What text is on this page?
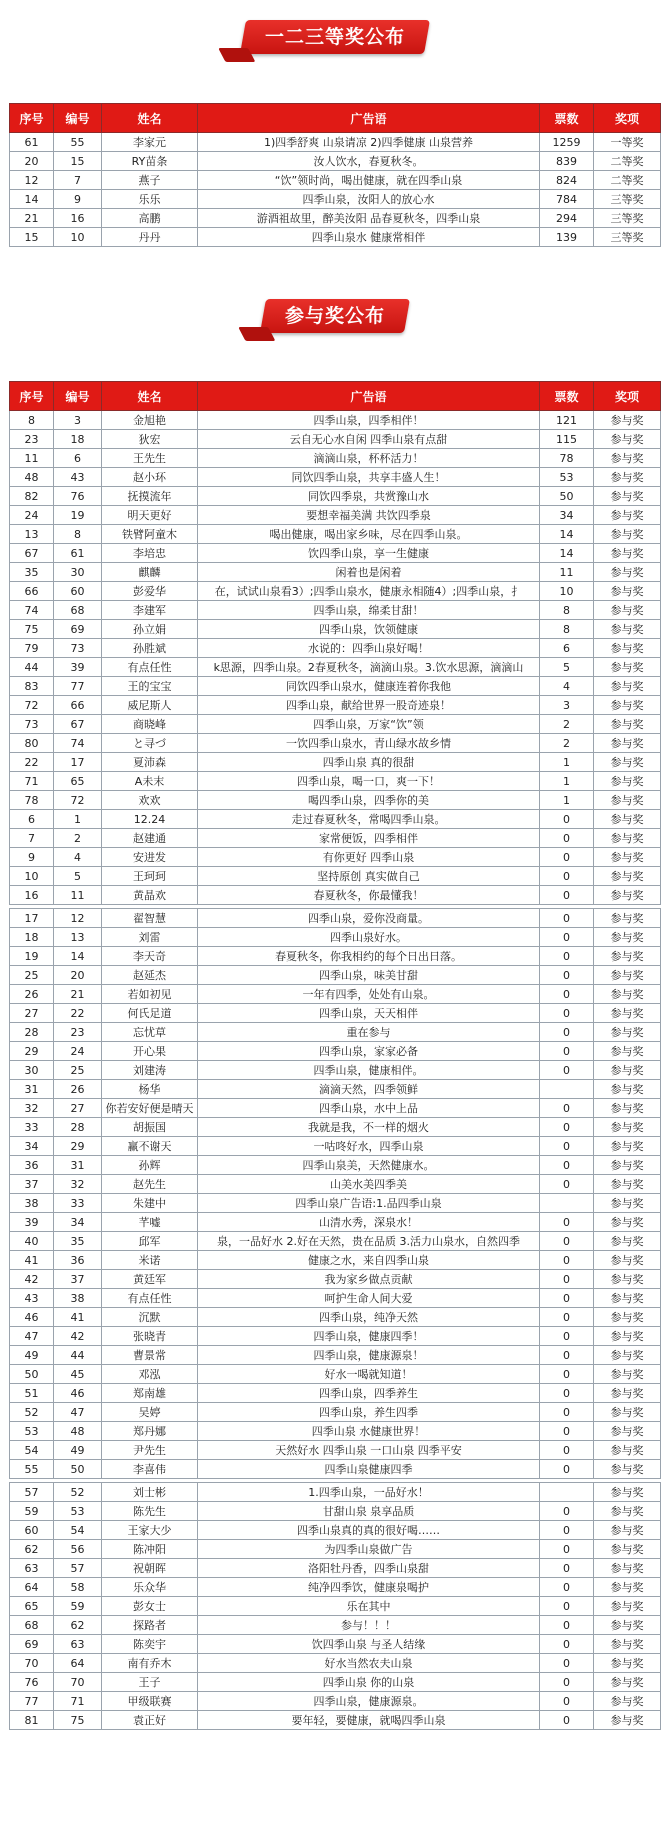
一二三等奖公布
序号	编号	姓名	广告语	票数	奖项
61	55	李家元	1)四季舒爽 山泉请凉 2)四季健康 山泉营养	1259	一等奖
20	15	RY苗条	汝人饮水，春夏秋冬。	839	二等奖
12	7	燕子	“饮”领时尚，喝出健康，就在四季山泉	824	二等奖
14	9	乐乐	四季山泉，汝阳人的放心水	784	三等奖
21	16	高鹏	游酒祖故里，醉美汝阳 品春夏秋冬，四季山泉	294	三等奖
15	10	丹丹	四季山泉水 健康常相伴	139	三等奖
参与奖公布
序号	编号	姓名	广告语	票数	奖项
8	3	金旭艳	四季山泉，四季相伴！	121	参与奖
23	18	狄宏	云自无心水自闲 四季山泉有点甜	115	参与奖
11	6	王先生	滴滴山泉，杯杯活力！	78	参与奖
48	43	赵小环	同饮四季山泉，共享丰盛人生！	53	参与奖
82	76	抚摸流年	同饮四季泉，共赏豫山水	50	参与奖
24	19	明天更好	要想幸福美满 共饮四季泉	34	参与奖
13	8	铁臂阿童木	喝出健康，喝出家乡味，尽在四季山泉。	14	参与奖
67	61	李培忠	饮四季山泉，享一生健康	14	参与奖
35	30	麒麟	闲着也是闲着	11	参与奖
66	60	彭爱华	在，试试山泉看3）;四季山泉水，健康永相随4）;四季山泉，扌	10	参与奖
74	68	李建军	四季山泉，绵柔甘甜！	8	参与奖
75	69	孙立娟	四季山泉，饮领健康	8	参与奖
79	73	孙胜斌	水说的：四季山泉好喝！	6	参与奖
44	39	有点任性	k思源，四季山泉。2春夏秋冬，滴滴山泉。3.饮水思源，滴滴山	5	参与奖
83	77	王的宝宝	同饮四季山泉水，健康连着你我他	4	参与奖
72	66	威尼斯人	四季山泉，献给世界一股奇迹泉！	3	参与奖
73	67	商晓峰	四季山泉，万家“饮”领	2	参与奖
80	74	と寻づ	一饮四季山泉水，青山绿水故乡情	2	参与奖
22	17	夏沛森	四季山泉 真的很甜	1	参与奖
71	65	A未末	四季山泉，喝一口，爽一下！	1	参与奖
78	72	欢欢	喝四季山泉，四季你的美	1	参与奖
6	1	12.24	走过春夏秋冬，常喝四季山泉。	0	参与奖
7	2	赵建通	家常便饭，四季相伴	0	参与奖
9	4	安进发	有你更好 四季山泉	0	参与奖
10	5	王珂珂	坚持原创 真实做自己	0	参与奖
16	11	黄晶欢	春夏秋冬，你最懂我！	0	参与奖

17	12	翟智慧	四季山泉，爱你没商量。	0	参与奖
18	13	刘雷	四季山泉好水。	0	参与奖
19	14	李天奇	春夏秋冬，你我相约的每个日出日落。	0	参与奖
25	20	赵延杰	四季山泉，味美甘甜	0	参与奖
26	21	若如初见	一年有四季，处处有山泉。	0	参与奖
27	22	何氏足道	四季山泉，天天相伴	0	参与奖
28	23	忘忧草	重在参与	0	参与奖
29	24	开心果	四季山泉，家家必备	0	参与奖
30	25	刘建涛	四季山泉，健康相伴。	0	参与奖
31	26	杨华	滴滴天然，四季领鲜		参与奖
32	27	你若安好便是晴天	四季山泉，水中上品	0	参与奖
33	28	胡振国	我就是我，不一样的烟火	0	参与奖
34	29	赢不谢天	一咕咚好水，四季山泉	0	参与奖
36	31	孙辉	四季山泉美，天然健康水。	0	参与奖
37	32	赵先生	山美水美四季美	0	参与奖
38	33	朱建中	四季山泉广告语:1.品四季山泉		参与奖
39	34	芊嘘	山清水秀，深泉水！	0	参与奖
40	35	邱军	泉，一品好水 2.好在天然，贵在品质 3.活力山泉水，自然四季	0	参与奖
41	36	米诺	健康之水，来自四季山泉	0	参与奖
42	37	黄廷军	我为家乡做点贡献	0	参与奖
43	38	有点任性	呵护生命人间大爱	0	参与奖
46	41	沉默	四季山泉，纯净天然	0	参与奖
47	42	张晓青	四季山泉，健康四季！	0	参与奖
49	44	曹景常	四季山泉，健康源泉！	0	参与奖
50	45	邓泓	好水一喝就知道！	0	参与奖
51	46	郑南雄	四季山泉，四季养生	0	参与奖
52	47	吴婷	四季山泉，养生四季	0	参与奖
53	48	郑丹娜	四季山泉 水健康世界！	0	参与奖
54	49	尹先生	天然好水 四季山泉 一口山泉 四季平安	0	参与奖
55	50	李喜伟	四季山泉健康四季	0	参与奖

57	52	刘士彬	1.四季山泉，一品好水！		参与奖
59	53	陈先生	甘甜山泉 泉享品质	0	参与奖
60	54	王家大少	四季山泉真的真的很好喝……	0	参与奖
62	56	陈冲阳	为四季山泉做广告	0	参与奖
63	57	祝朝晖	洛阳牡丹香，四季山泉甜	0	参与奖
64	58	乐众华	纯净四季饮，健康泉喝护	0	参与奖
65	59	彭女士	乐在其中	0	参与奖
68	62	探路者	参与！！！	0	参与奖
69	63	陈奕宇	饮四季山泉 与圣人结缘	0	参与奖
70	64	南有乔木	好水当然农夫山泉	0	参与奖
76	70	王子	四季山泉 你的山泉	0	参与奖
77	71	甲级联赛	四季山泉，健康源泉。	0	参与奖
81	75	袁正好	要年轻，要健康，就喝四季山泉	0	参与奖
